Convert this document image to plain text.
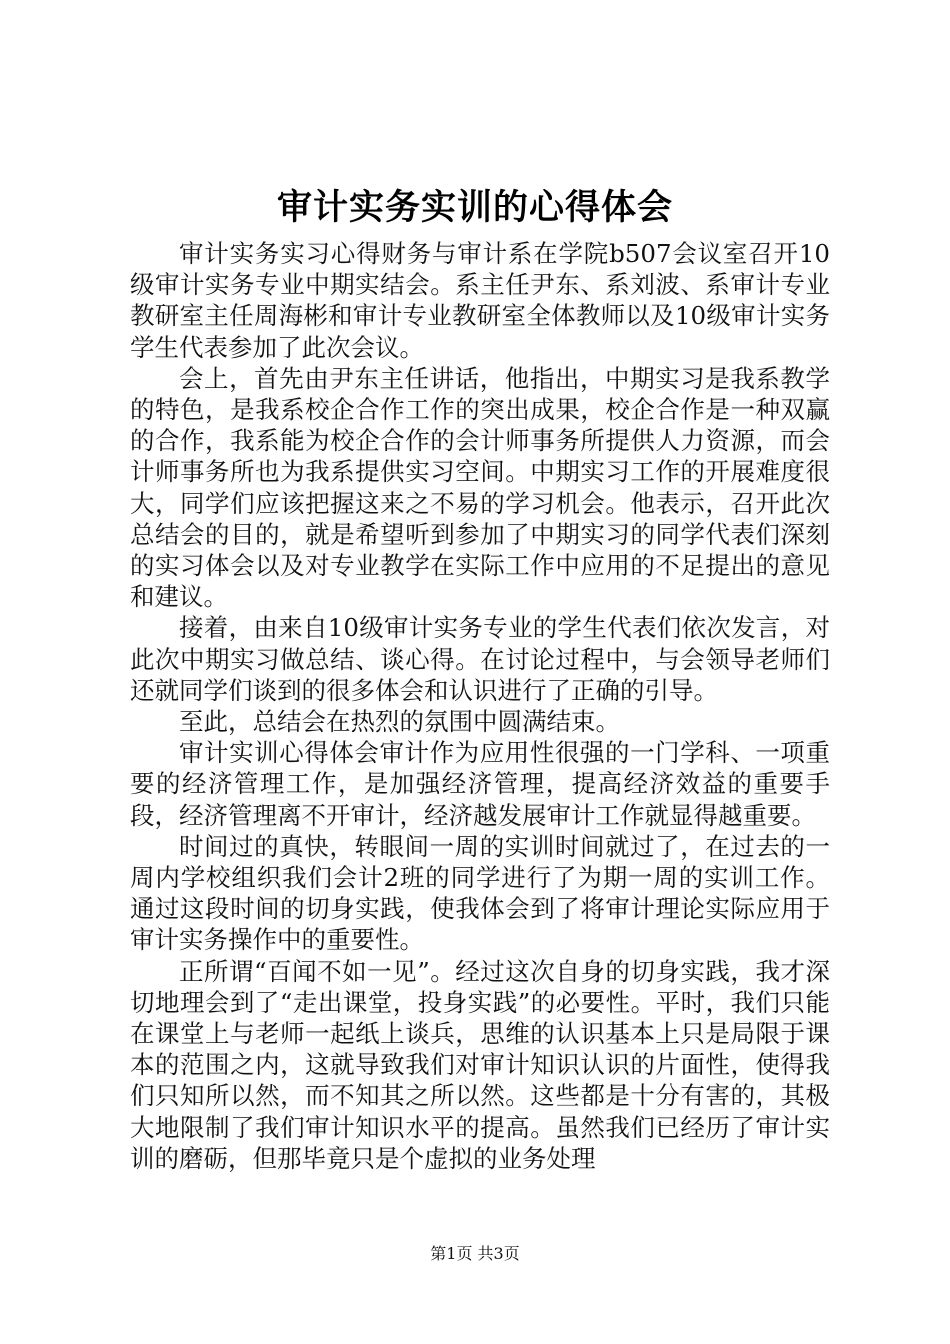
审计实务实训的心得体会

审计实务实习心得财务与审计系在学院b507会议室召开10级审计实务专业中期实结会。系主任尹东、系刘波、系审计专业教研室主任周海彬和审计专业教研室全体教师以及10级审计实务学生代表参加了此次会议。

会上，首先由尹东主任讲话，他指出，中期实习是我系教学的特色，是我系校企合作工作的突出成果，校企合作是一种双赢的合作，我系能为校企合作的会计师事务所提供人力资源，而会计师事务所也为我系提供实习空间。中期实习工作的开展难度很大，同学们应该把握这来之不易的学习机会。他表示，召开此次总结会的目的，就是希望听到参加了中期实习的同学代表们深刻的实习体会以及对专业教学在实际工作中应用的不足提出的意见和建议。

接着，由来自10级审计实务专业的学生代表们依次发言，对此次中期实习做总结、谈心得。在讨论过程中，与会领导老师们还就同学们谈到的很多体会和认识进行了正确的引导。

至此，总结会在热烈的氛围中圆满结束。

审计实训心得体会审计作为应用性很强的一门学科、一项重要的经济管理工作，是加强经济管理，提高经济效益的重要手段，经济管理离不开审计，经济越发展审计工作就显得越重要。

时间过的真快，转眼间一周的实训时间就过了，在过去的一周内学校组织我们会计2班的同学进行了为期一周的实训工作。通过这段时间的切身实践，使我体会到了将审计理论实际应用于审计实务操作中的重要性。

正所谓“百闻不如一见”。经过这次自身的切身实践，我才深切地理会到了“走出课堂，投身实践”的必要性。平时，我们只能在课堂上与老师一起纸上谈兵，思维的认识基本上只是局限于课本的范围之内，这就导致我们对审计知识认识的片面性，使得我们只知所以然，而不知其之所以然。这些都是十分有害的，其极大地限制了我们审计知识水平的提高。虽然我们已经历了审计实训的磨砺，但那毕竟只是个虚拟的业务处理

第1页 共3页
